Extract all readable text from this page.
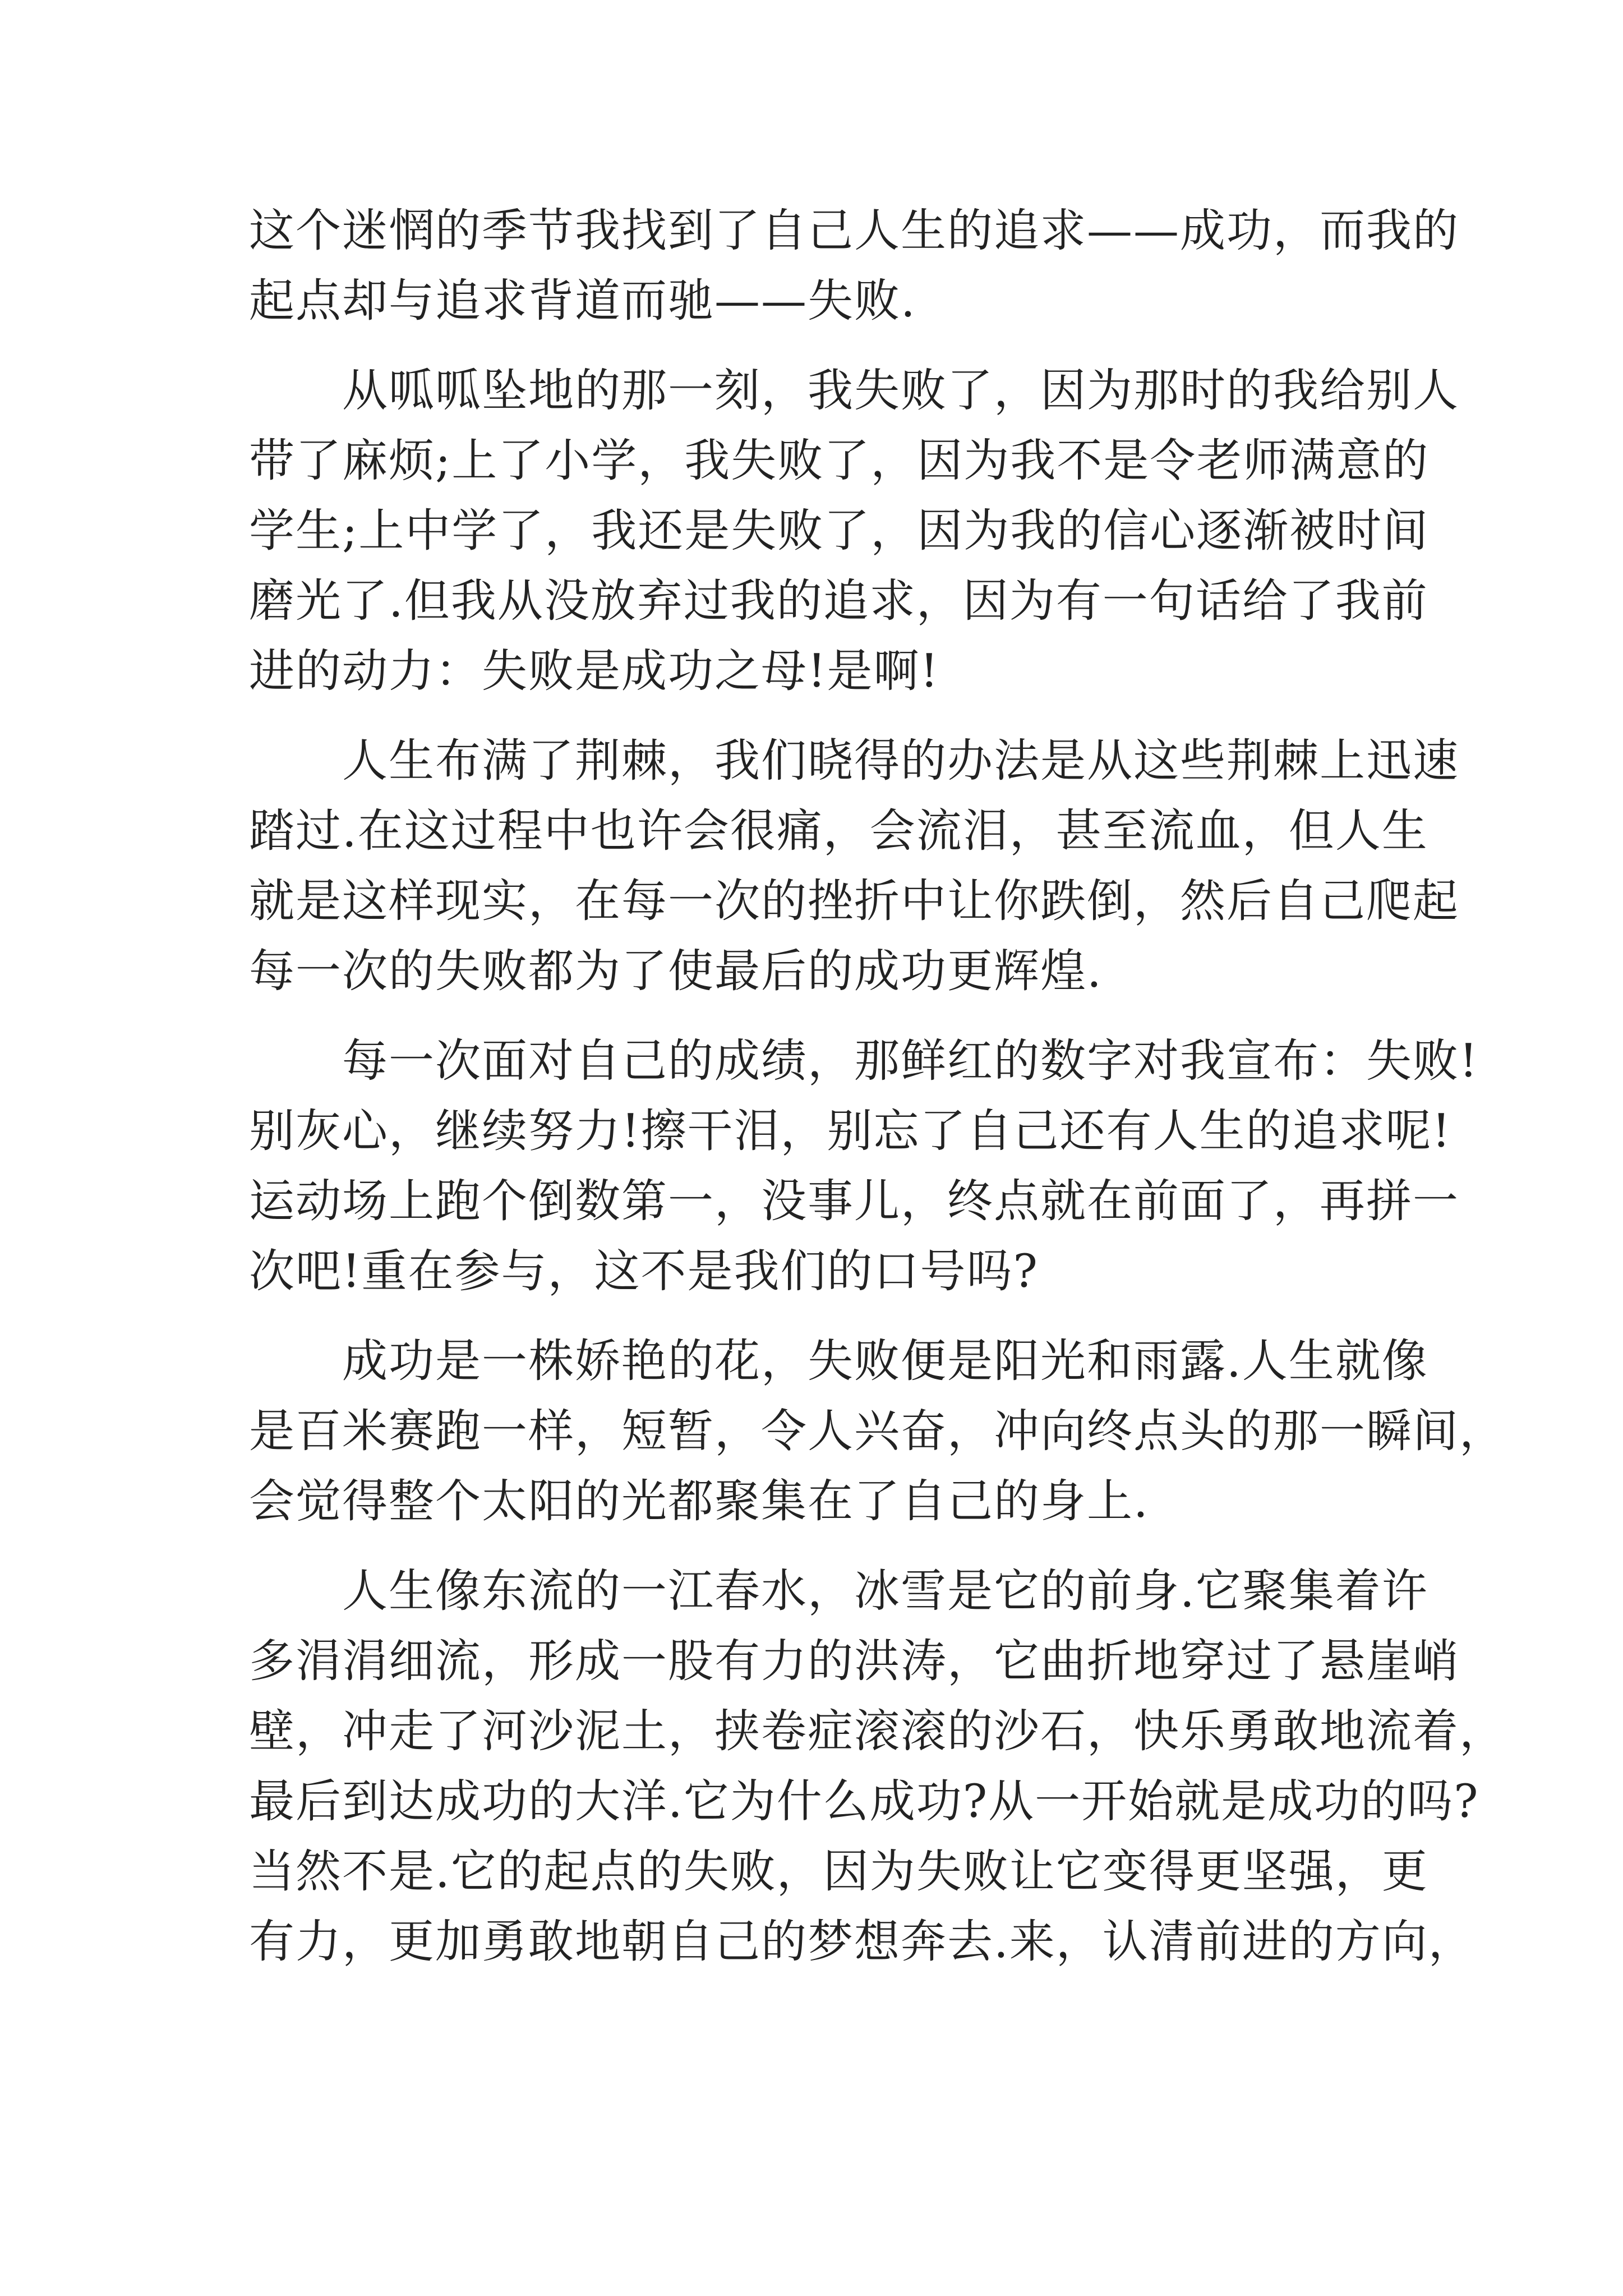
这个迷惘的季节我找到了自己人生的追求——成功，而我的
起点却与追求背道而驰——失败.
　　从呱呱坠地的那一刻，我失败了，因为那时的我给别人
带了麻烦;上了小学，我失败了，因为我不是令老师满意的
学生;上中学了，我还是失败了，因为我的信心逐渐被时间
磨光了.但我从没放弃过我的追求，因为有一句话给了我前
进的动力：失败是成功之母!是啊!
　　人生布满了荆棘，我们晓得的办法是从这些荆棘上迅速
踏过.在这过程中也许会很痛，会流泪，甚至流血，但人生
就是这样现实，在每一次的挫折中让你跌倒，然后自己爬起
每一次的失败都为了使最后的成功更辉煌.
　　每一次面对自己的成绩，那鲜红的数字对我宣布：失败!
别灰心，继续努力!擦干泪，别忘了自己还有人生的追求呢!
运动场上跑个倒数第一，没事儿，终点就在前面了，再拼一
次吧!重在参与，这不是我们的口号吗?
　　成功是一株娇艳的花，失败便是阳光和雨露.人生就像
是百米赛跑一样，短暂，令人兴奋，冲向终点头的那一瞬间，
会觉得整个太阳的光都聚集在了自己的身上.
　　人生像东流的一江春水，冰雪是它的前身.它聚集着许
多涓涓细流，形成一股有力的洪涛，它曲折地穿过了悬崖峭
壁，冲走了河沙泥土，挟卷症滚滚的沙石，快乐勇敢地流着，
最后到达成功的大洋.它为什么成功?从一开始就是成功的吗?
当然不是.它的起点的失败，因为失败让它变得更坚强，更
有力，更加勇敢地朝自己的梦想奔去.来，认清前进的方向，
